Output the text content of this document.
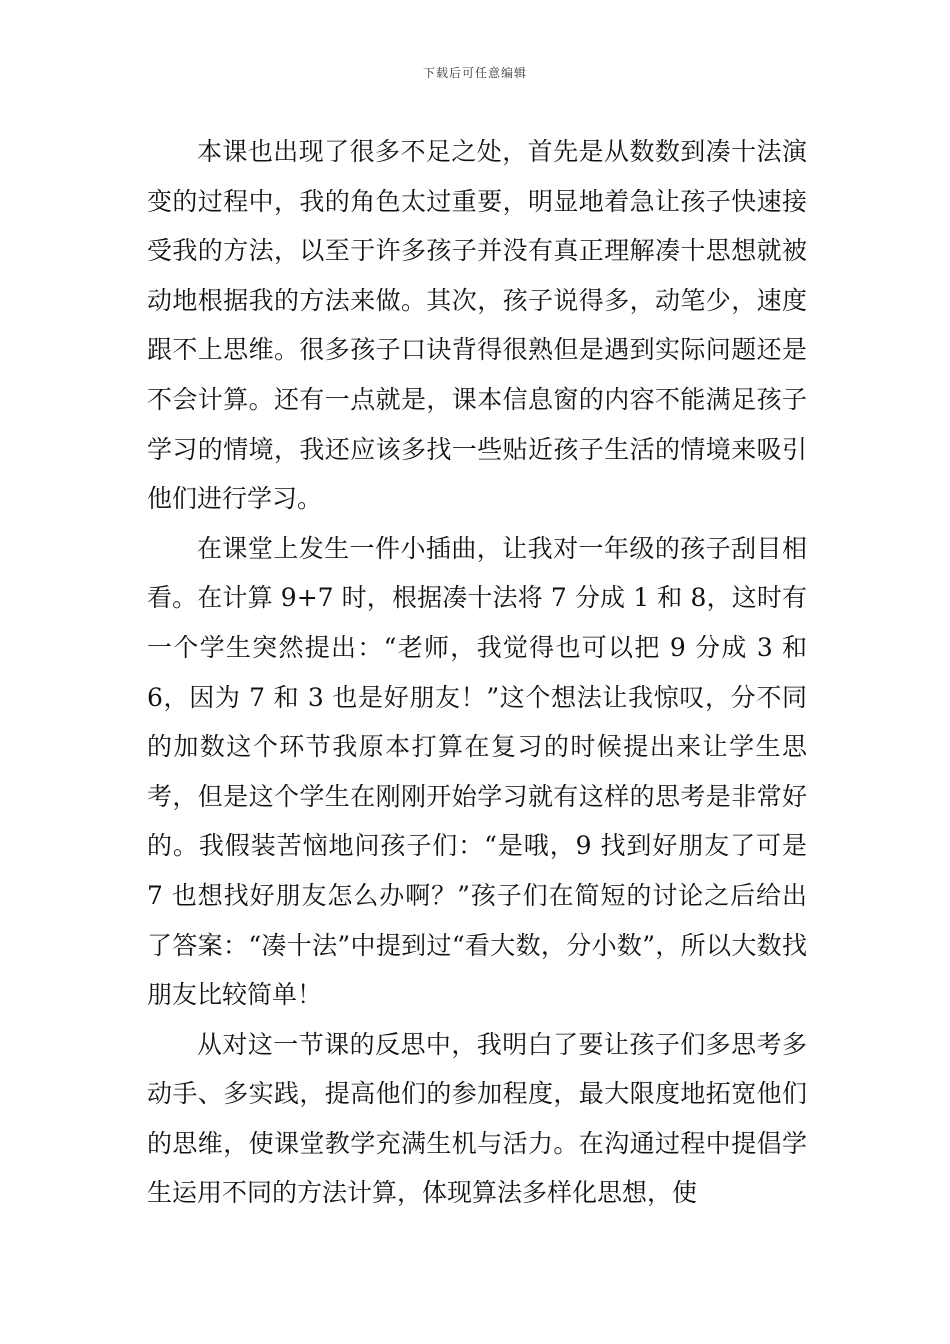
下载后可任意编辑

本课也出现了很多不足之处，首先是从数数到凑十法演变的过程中，我的角色太过重要，明显地着急让孩子快速接受我的方法，以至于许多孩子并没有真正理解凑十思想就被动地根据我的方法来做。其次，孩子说得多，动笔少，速度跟不上思维。很多孩子口诀背得很熟但是遇到实际问题还是不会计算。还有一点就是，课本信息窗的内容不能满足孩子学习的情境，我还应该多找一些贴近孩子生活的情境来吸引他们进行学习。

在课堂上发生一件小插曲，让我对一年级的孩子刮目相看。在计算 9+7 时，根据凑十法将 7 分成 1 和 8，这时有一个学生突然提出：“老师，我觉得也可以把 9 分成 3 和 6，因为 7 和 3 也是好朋友！”这个想法让我惊叹，分不同的加数这个环节我原本打算在复习的时候提出来让学生思考，但是这个学生在刚刚开始学习就有这样的思考是非常好的。我假装苦恼地问孩子们：“是哦，9 找到好朋友了可是 7 也想找好朋友怎么办啊？”孩子们在简短的讨论之后给出了答案：“凑十法”中提到过“看大数，分小数”，所以大数找朋友比较简单！

从对这一节课的反思中，我明白了要让孩子们多思考多动手、多实践，提高他们的参加程度，最大限度地拓宽他们的思维，使课堂教学充满生机与活力。在沟通过程中提倡学生运用不同的方法计算，体现算法多样化思想，使
